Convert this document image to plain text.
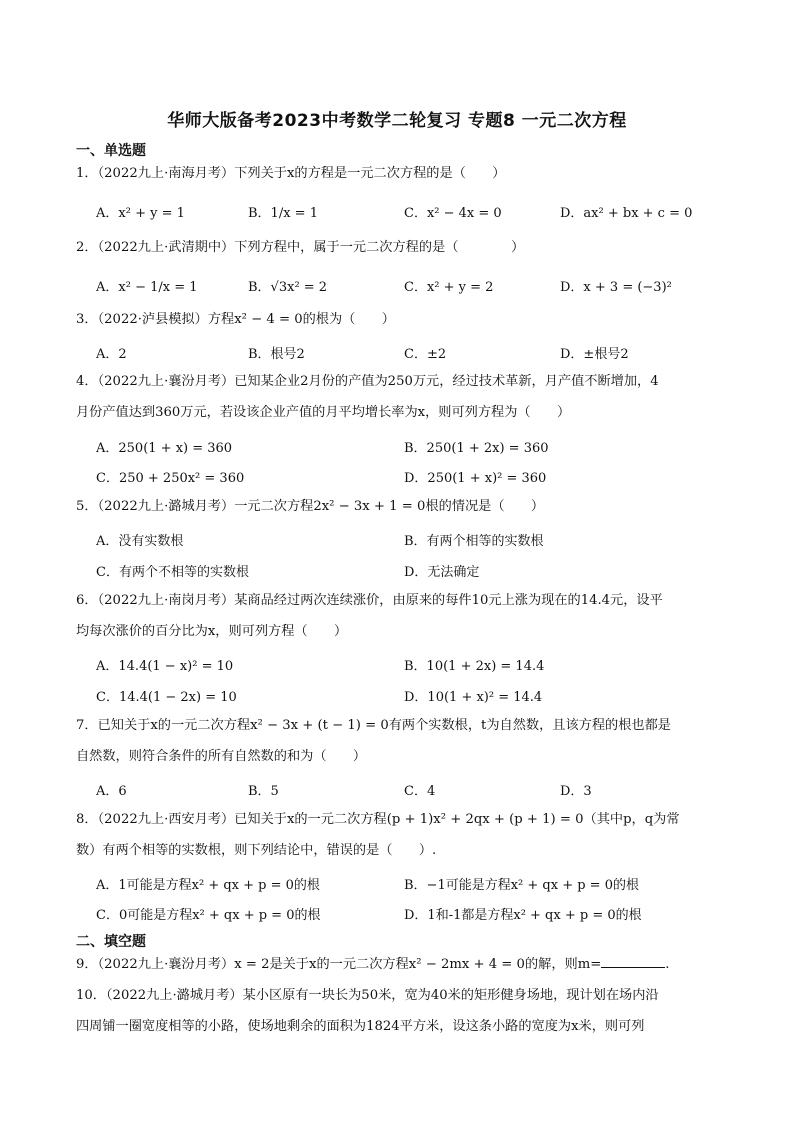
华师大版备考2023中考数学二轮复习 专题8 一元二次方程
一、单选题
1．（2022九上·南海月考）下列关于x的方程是一元二次方程的是（　　）
A．x² + y = 1	B．1/x = 1	C．x² − 4x = 0	D．ax² + bx + c = 0
2．（2022九上·武清期中）下列方程中，属于一元二次方程的是（　　　　）
A．x² − 1/x = 1	B．√3x² = 2	C．x² + y = 2	D．x + 3 = (−3)²
3．（2022·泸县模拟）方程x² − 4 = 0的根为（　　）
A．2	B．根号2	C．±2	D．±根号2
4．（2022九上·襄汾月考）已知某企业2月份的产值为250万元，经过技术革新，月产值不断增加，4
月份产值达到360万元，若设该企业产值的月平均增长率为x，则可列方程为（　　）
A．250(1 + x) = 360	B．250(1 + 2x) = 360
C．250 + 250x² = 360	D．250(1 + x)² = 360
5．（2022九上·潞城月考）一元二次方程2x² − 3x + 1 = 0根的情况是（　　）
A．没有实数根	B．有两个相等的实数根
C．有两个不相等的实数根	D．无法确定
6．（2022九上·南岗月考）某商品经过两次连续涨价，由原来的每件10元上涨为现在的14.4元，设平
均每次涨价的百分比为x，则可列方程（　　）
A．14.4(1 − x)² = 10	B．10(1 + 2x) = 14.4
C．14.4(1 − 2x) = 10	D．10(1 + x)² = 14.4
7．已知关于x的一元二次方程x² − 3x + (t − 1) = 0有两个实数根，t为自然数，且该方程的根也都是
自然数，则符合条件的所有自然数的和为（　　）
A．6	B．5	C．4	D．3
8．（2022九上·西安月考）已知关于x的一元二次方程(p + 1)x² + 2qx + (p + 1) = 0（其中p，q为常
数）有两个相等的实数根，则下列结论中，错误的是（　　）.
A．1可能是方程x² + qx + p = 0的根	B．−1可能是方程x² + qx + p = 0的根
C．0可能是方程x² + qx + p = 0的根	D．1和-1都是方程x² + qx + p = 0的根
二、填空题
9．（2022九上·襄汾月考）x = 2是关于x的一元二次方程x² − 2mx + 4 = 0的解，则m=	.
10．（2022九上·潞城月考）某小区原有一块长为50米，宽为40米的矩形健身场地，现计划在场内沿
四周铺一圈宽度相等的小路，使场地剩余的面积为1824平方米，设这条小路的宽度为x米，则可列
